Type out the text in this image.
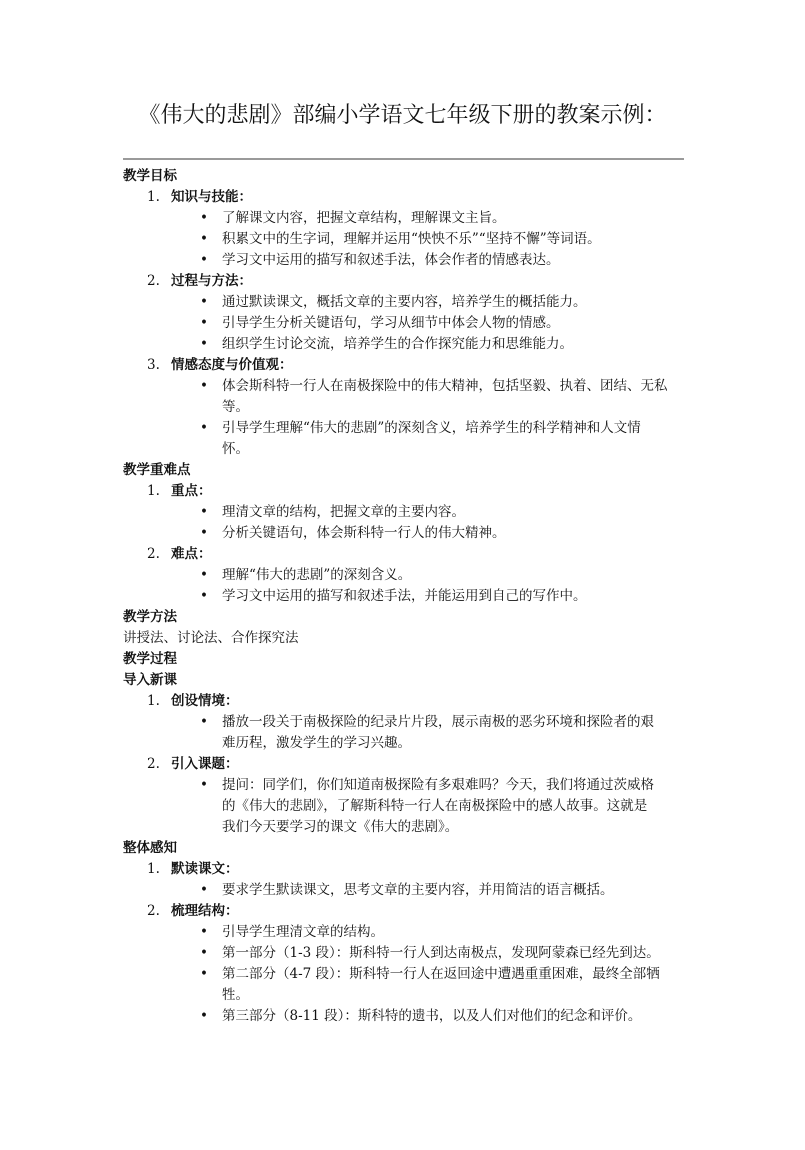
《伟大的悲剧》部编小学语文七年级下册的教案示例：
教学目标
1. 知识与技能：
• 了解课文内容，把握文章结构，理解课文主旨。
• 积累文中的生字词，理解并运用“怏怏不乐”“坚持不懈”等词语。
• 学习文中运用的描写和叙述手法，体会作者的情感表达。
2. 过程与方法：
• 通过默读课文，概括文章的主要内容，培养学生的概括能力。
• 引导学生分析关键语句，学习从细节中体会人物的情感。
• 组织学生讨论交流，培养学生的合作探究能力和思维能力。
3. 情感态度与价值观：
• 体会斯科特一行人在南极探险中的伟大精神，包括坚毅、执着、团结、无私等。
• 引导学生理解“伟大的悲剧”的深刻含义，培养学生的科学精神和人文情怀。
教学重难点
1. 重点：
• 理清文章的结构，把握文章的主要内容。
• 分析关键语句，体会斯科特一行人的伟大精神。
2. 难点：
• 理解“伟大的悲剧”的深刻含义。
• 学习文中运用的描写和叙述手法，并能运用到自己的写作中。
教学方法
讲授法、讨论法、合作探究法
教学过程
导入新课
1. 创设情境：
• 播放一段关于南极探险的纪录片片段，展示南极的恶劣环境和探险者的艰难历程，激发学生的学习兴趣。
2. 引入课题：
• 提问：同学们，你们知道南极探险有多艰难吗？今天，我们将通过茨威格的《伟大的悲剧》，了解斯科特一行人在南极探险中的感人故事。这就是我们今天要学习的课文《伟大的悲剧》。
整体感知
1. 默读课文：
• 要求学生默读课文，思考文章的主要内容，并用简洁的语言概括。
2. 梳理结构：
• 引导学生理清文章的结构。
• 第一部分（1-3 段）：斯科特一行人到达南极点，发现阿蒙森已经先到达。
• 第二部分（4-7 段）：斯科特一行人在返回途中遭遇重重困难，最终全部牺牲。
• 第三部分（8-11 段）：斯科特的遗书，以及人们对他们的纪念和评价。
